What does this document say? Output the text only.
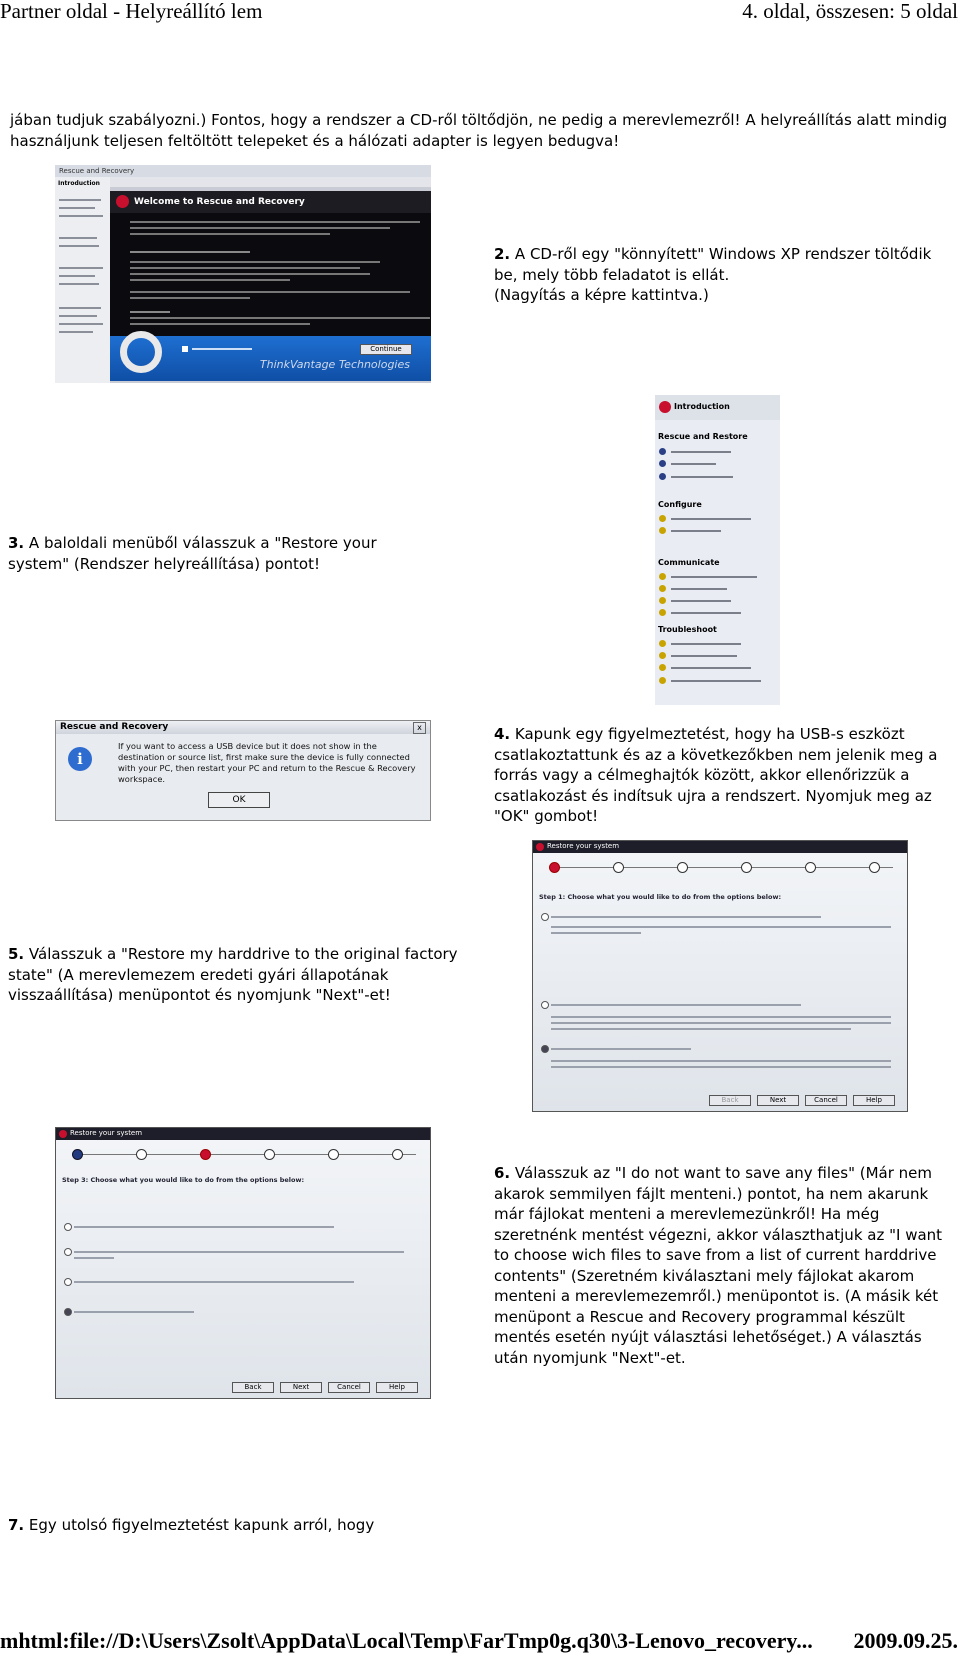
Partner oldal - Helyreállító lem	4. oldal, összesen: 5 oldal
jában tudjuk szabályozni.) Fontos, hogy a rendszer a CD-ről töltődjön, ne pedig a merevlemezről! A helyreállítás alatt mindig
használjunk teljesen feltöltött telepeket és a hálózati adapter is legyen bedugva!
Rescue and Recovery
Introduction
Welcome to Rescue and Recovery
Continue
ThinkVantage Technologies
2. A CD-ről egy "könnyített" Windows XP rendszer töltődik
be, mely több feladatot is ellát.
(Nagyítás a képre kattintva.)
Introduction
Rescue and Restore
Configure
Communicate
Troubleshoot
3. A baloldali menüből válasszuk a "Restore your
system" (Rendszer helyreállítása) pontot!
Rescue and Recovery	x
i
If you want to access a USB device but it does not show in the destination or source list, first make sure the device is fully connected with your PC, then restart your PC and return to the Rescue & Recovery workspace.
OK
4. Kapunk egy figyelmeztetést, hogy ha USB-s eszközt
csatlakoztattunk és az a következőkben nem jelenik meg a
forrás vagy a célmeghajtók között, akkor ellenőrizzük a
csatlakozást és indítsuk ujra a rendszert. Nyomjuk meg az
"OK" gombot!
Restore your system
Step 1: Choose what you would like to do from the options below:
Back	Next	Cancel	Help
5. Válasszuk a "Restore my harddrive to the original factory
state" (A merevlemezem eredeti gyári állapotának
visszaállítása) menüpontot és nyomjunk "Next"-et!
Restore your system
Step 3: Choose what you would like to do from the options below:
Back	Next	Cancel	Help
6. Válasszuk az "I do not want to save any files" (Már nem
akarok semmilyen fájlt menteni.) pontot, ha nem akarunk
már fájlokat menteni a merevlemezünkről! Ha még
szeretnénk mentést végezni, akkor választhatjuk az "I want
to choose wich files to save from a list of current harddrive
contents" (Szeretném kiválasztani mely fájlokat akarom
menteni a merevlemezemről.) menüpontot is. (A másik két
menüpont a Rescue and Recovery programmal készült
mentés esetén nyújt választási lehetőséget.) A választás
után nyomjunk "Next"-et.
7. Egy utolsó figyelmeztetést kapunk arról, hogy
mhtml:file://D:\Users\Zsolt\AppData\Local\Temp\FarTmp0g.q30\3-Lenovo_recovery... 2009.09.25.
